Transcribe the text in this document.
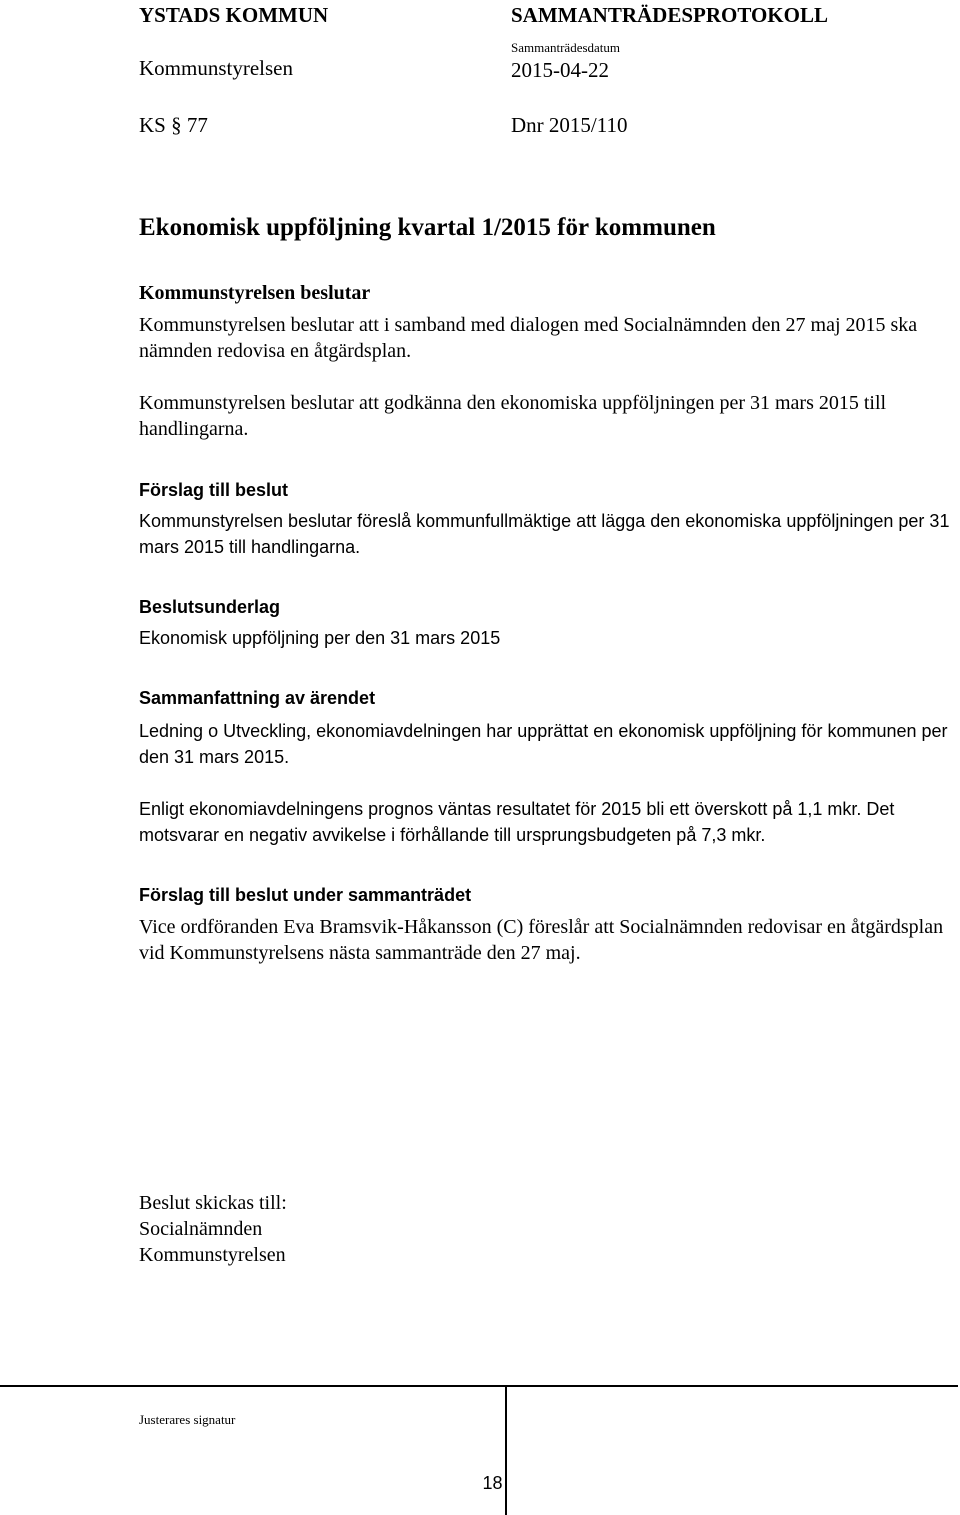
YSTADS KOMMUN	SAMMANTRÄDESPROTOKOLL
Kommunstyrelsen
Sammanträdesdatum
2015-04-22
KS § 77	Dnr 2015/110
Ekonomisk uppföljning kvartal 1/2015 för kommunen
Kommunstyrelsen beslutar

Kommunstyrelsen beslutar att i samband med dialogen med Socialnämnden den 27 maj 2015 ska nämnden redovisa en åtgärdsplan.

Kommunstyrelsen beslutar att godkänna den ekonomiska uppföljningen per 31 mars 2015 till handlingarna.

Förslag till beslut

Kommunstyrelsen beslutar föreslå kommunfullmäktige att lägga den ekonomiska uppföljningen per 31 mars 2015 till handlingarna.

Beslutsunderlag

Ekonomisk uppföljning per den 31 mars 2015

Sammanfattning av ärendet

Ledning o Utveckling, ekonomiavdelningen har upprättat en ekonomisk uppföljning för kommunen per den 31 mars 2015.

Enligt ekonomiavdelningens prognos väntas resultatet för 2015 bli ett överskott på 1,1 mkr. Det motsvarar en negativ avvikelse i förhållande till ursprungsbudgeten på 7,3 mkr.

Förslag till beslut under sammanträdet

Vice ordföranden Eva Bramsvik-Håkansson (C) föreslår att Socialnämnden redovisar en åtgärdsplan vid Kommunstyrelsens nästa sammanträde den 27 maj.

Beslut skickas till:
Socialnämnden
Kommunstyrelsen
Justerares signatur
18
